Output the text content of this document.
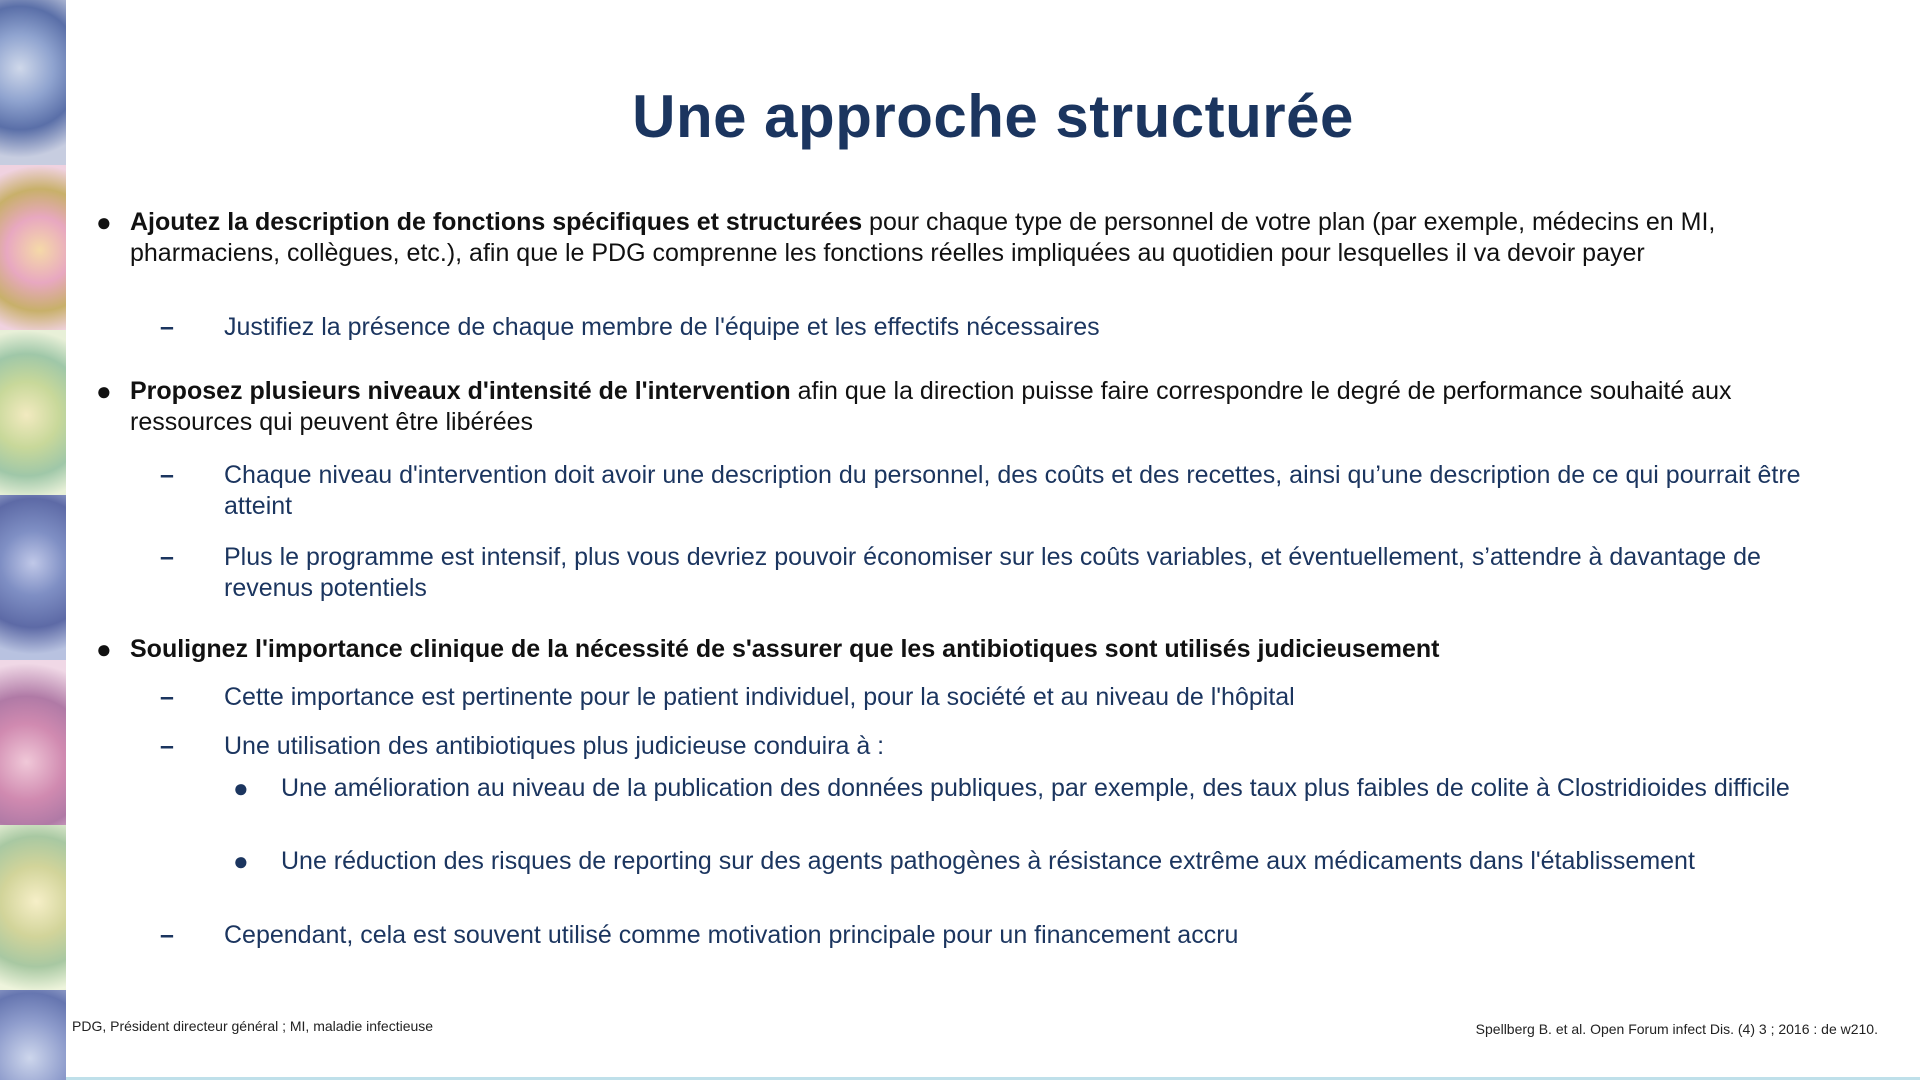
Une approche structurée
● Ajoutez la description de fonctions spécifiques et structurées pour chaque type de personnel de votre plan (par exemple, médecins en MI, pharmaciens, collègues, etc.), afin que le PDG comprenne les fonctions réelles impliquées au quotidien pour lesquelles il va devoir payer
– Justifiez la présence de chaque membre de l'équipe et les effectifs nécessaires
● Proposez plusieurs niveaux d'intensité de l'intervention afin que la direction puisse faire correspondre le degré de performance souhaité aux ressources qui peuvent être libérées
– Chaque niveau d'intervention doit avoir une description du personnel, des coûts et des recettes, ainsi qu’une description de ce qui pourrait être atteint
– Plus le programme est intensif, plus vous devriez pouvoir économiser sur les coûts variables, et éventuellement, s’attendre à davantage de revenus potentiels
● Soulignez l'importance clinique de la nécessité de s'assurer que les antibiotiques sont utilisés judicieusement
– Cette importance est pertinente pour le patient individuel, pour la société et au niveau de l'hôpital
– Une utilisation des antibiotiques plus judicieuse conduira à :
● Une amélioration au niveau de la publication des données publiques, par exemple, des taux plus faibles de colite à Clostridioides difficile
● Une réduction des risques de reporting sur des agents pathogènes à résistance extrême aux médicaments dans l'établissement
– Cependant, cela est souvent utilisé comme motivation principale pour un financement accru
PDG, Président directeur général ; MI, maladie infectieuse	Spellberg B. et al. Open Forum infect Dis. (4) 3 ; 2016 : de w210.
